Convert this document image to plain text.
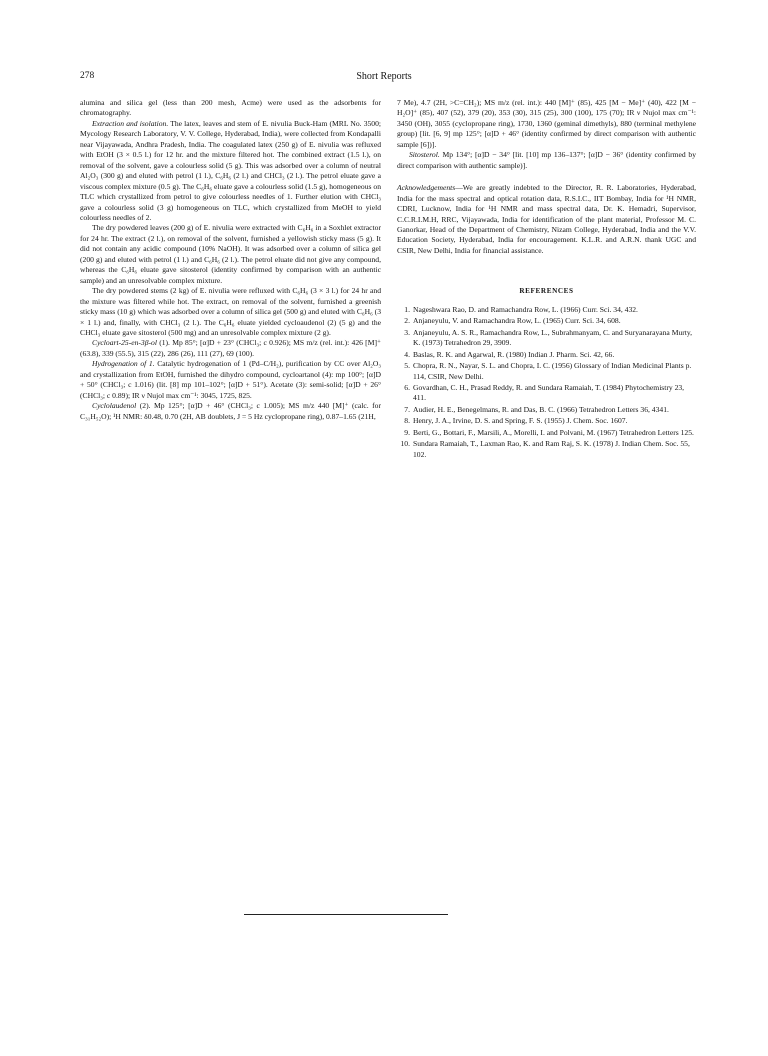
278	Short Reports

alumina and silica gel (less than 200 mesh, Acme) were used as the adsorbents for chromatography.

Extraction and isolation. The latex, leaves and stem of E. nivulia Buck-Ham (MRL No. 3500; Mycology Research Laboratory, V. V. College, Hyderabad, India), were collected from Kondapalli near Vijayawada, Andhra Pradesh, India. The coagulated latex (250 g) of E. nivulia was refluxed with EtOH (3 × 0.5 l.) for 12 hr. and the mixture filtered hot. The combined extract (1.5 l.), on removal of the solvent, gave a colourless solid (5 g). This was adsorbed over a column of neutral Al₂O₃ (300 g) and eluted with petrol (1 l.), C₆H₆ (2 l.) and CHCl₃ (2 l.). The petrol eluate gave a viscous complex mixture (0.5 g). The C₆H₆ eluate gave a colourless solid (1.5 g), homogeneous on TLC which crystallized from petrol to give colourless needles of 1. Further elution with CHCl₃ gave a colourless solid (3 g) homogeneous on TLC, which crystallized from MeOH to yield colourless needles of 2.

The dry powdered leaves (200 g) of E. nivulia were extracted with C₆H₆ in a Soxhlet extractor for 24 hr. The extract (2 l.), on removal of the solvent, furnished a yellowish sticky mass (5 g). It did not contain any acidic compound (10% NaOH). It was adsorbed over a column of silica gel (200 g) and eluted with petrol (1 l.) and C₆H₆ (2 l.). The petrol eluate did not give any compound, whereas the C₆H₆ eluate gave sitosterol (identity confirmed by comparison with an authentic sample) and an unresolvable complex mixture.

The dry powdered stems (2 kg) of E. nivulia were refluxed with C₆H₆ (3 × 3 l.) for 24 hr and the mixture was filtered while hot. The extract, on removal of the solvent, furnished a greenish sticky mass (10 g) which was adsorbed over a column of silica gel (500 g) and eluted with C₆H₆ (3 × 1 l.) and, finally, with CHCl₃ (2 l.). The C₆H₆ eluate yielded cycloaudenol (2) (5 g) and the CHCl₃ eluate gave sitosterol (500 mg) and an unresolvable complex mixture (2 g).

Cycloart-25-en-3β-ol (1). Mp 85°; [α]D + 23° (CHCl₃; c 0.926); MS m/z (rel. int.): 426 [M]⁺ (63.8), 339 (55.5), 315 (22), 286 (26), 111 (27), 69 (100).

Hydrogenation of 1. Catalytic hydrogenation of 1 (Pd–C/H₂), purification by CC over Al₂O₃ and crystallization from EtOH, furnished the dihydro compound, cycloartanol (4): mp 100°; [α]D + 50° (CHCl₃; c 1.016) (lit. [8] mp 101–102°; [α]D + 51°). Acetate (3): semi-solid; [α]D + 26° (CHCl₃; c 0.89); IR ν Nujol max cm⁻¹: 3045, 1725, 825.

Cyclolaudenol (2). Mp 125°; [α]D + 46° (CHCl₃; c 1.005); MS m/z 440 [M]⁺ (calc. for C₃₁H₅₂O); ¹H NMR: δ0.48, 0.70 (2H, AB doublets, J = 5 Hz cyclopropane ring), 0.87–1.65 (21H,

7 Me), 4.7 (2H, >C=CH₂); MS m/z (rel. int.): 440 [M]⁺ (85), 425 [M − Me]⁺ (40), 422 [M − H₂O]⁺ (85), 407 (52), 379 (20), 353 (30), 315 (25), 300 (100), 175 (70); IR ν Nujol max cm⁻¹: 3450 (OH), 3055 (cyclopropane ring), 1730, 1360 (geminal dimethyls), 880 (terminal methylene group) [lit. [6, 9] mp 125°; [α]D + 46° (identity confirmed by direct comparison with authentic sample [6])].

Sitosterol. Mp 134°; [α]D − 34° [lit. [10] mp 136–137°; [α]D − 36° (identity confirmed by direct comparison with authentic sample)].

Acknowledgements—We are greatly indebted to the Director, R. R. Laboratories, Hyderabad, India for the mass spectral and optical rotation data, R.S.I.C., IIT Bombay, India for ¹H NMR, CDRI, Lucknow, India for ¹H NMR and mass spectral data, Dr. K. Hemadri, Supervisor, C.C.R.I.M.H, RRC, Vijayawada, India for identification of the plant material, Professor M. C. Ganorkar, Head of the Department of Chemistry, Nizam College, Hyderabad, India and the V.V. Education Society, Hyderabad, India for encouragement. K.L.R. and A.R.N. thank UGC and CSIR, New Delhi, India for financial assistance.

REFERENCES
1. Nageshwara Rao, D. and Ramachandra Row, L. (1966) Curr. Sci. 34, 432.
2. Anjaneyulu, V. and Ramachandra Row, L. (1965) Curr. Sci. 34, 608.
3. Anjaneyulu, A. S. R., Ramachandra Row, L., Subrahmanyam, C. and Suryanarayana Murty, K. (1973) Tetrahedron 29, 3909.
4. Baslas, R. K. and Agarwal, R. (1980) Indian J. Pharm. Sci. 42, 66.
5. Chopra, R. N., Nayar, S. L. and Chopra, I. C. (1956) Glossary of Indian Medicinal Plants p. 114, CSIR, New Delhi.
6. Govardhan, C. H., Prasad Reddy, R. and Sundara Ramaiah, T. (1984) Phytochemistry 23, 411.
7. Audier, H. E., Benegelmans, R. and Das, B. C. (1966) Tetrahedron Letters 36, 4341.
8. Henry, J. A., Irvine, D. S. and Spring, F. S. (1955) J. Chem. Soc. 1607.
9. Berti, G., Bottari, F., Marsili, A., Morelli, I. and Polvani, M. (1967) Tetrahedron Letters 125.
10. Sundara Ramaiah, T., Laxman Rao, K. and Ram Raj, S. K. (1978) J. Indian Chem. Soc. 55, 102.
